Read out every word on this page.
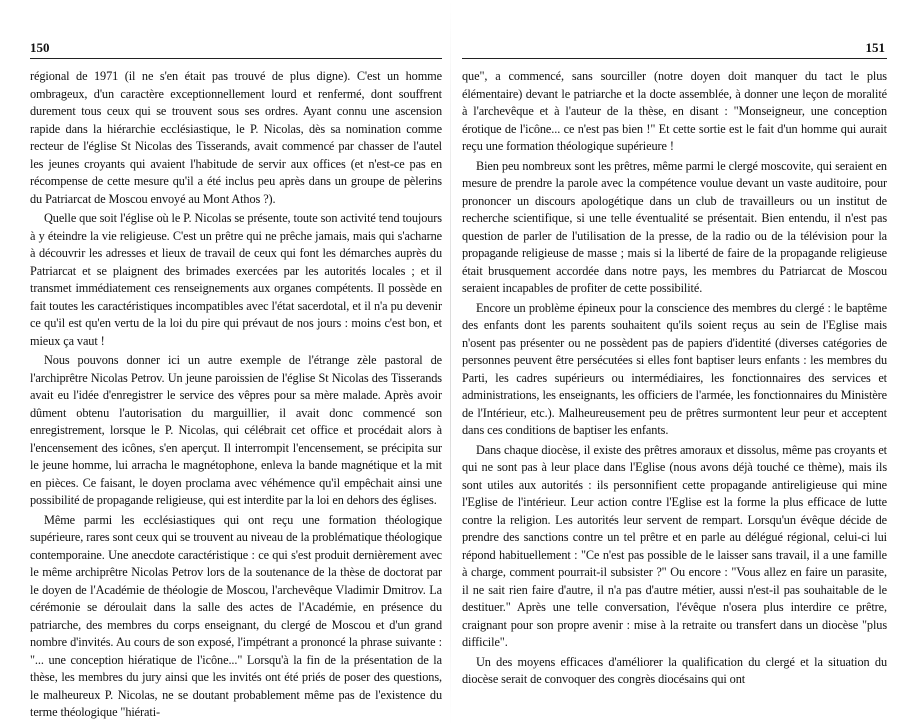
150

régional de 1971 (il ne s'en était pas trouvé de plus digne). C'est un homme ombrageux, d'un caractère exceptionnellement lourd et renfermé, dont souffrent durement tous ceux qui se trouvent sous ses ordres. Ayant connu une ascension rapide dans la hiérarchie ecclésiastique, le P. Nicolas, dès sa nomination comme recteur de l'église St Nicolas des Tisserands, avait commencé par chasser de l'autel les jeunes croyants qui avaient l'habitude de servir aux offices (et n'est-ce pas en récompense de cette mesure qu'il a été inclus peu après dans un groupe de pèlerins du Patriarcat de Moscou envoyé au Mont Athos ?).

Quelle que soit l'église où le P. Nicolas se présente, toute son activité tend toujours à y éteindre la vie religieuse. C'est un prêtre qui ne prêche jamais, mais qui s'acharne à découvrir les adresses et lieux de travail de ceux qui font les démarches auprès du Patriarcat et se plaignent des brimades exercées par les autorités locales ; et il transmet immédiatement ces renseignements aux organes compétents. Il possède en fait toutes les caractéristiques incompatibles avec l'état sacerdotal, et il n'a pu devenir ce qu'il est qu'en vertu de la loi du pire qui prévaut de nos jours : moins c'est bon, et mieux ça vaut !

Nous pouvons donner ici un autre exemple de l'étrange zèle pastoral de l'archiprêtre Nicolas Petrov. Un jeune paroissien de l'église St Nicolas des Tisserands avait eu l'idée d'enregistrer le service des vêpres pour sa mère malade. Après avoir dûment obtenu l'autorisation du marguillier, il avait donc commencé son enregistrement, lorsque le P. Nicolas, qui célébrait cet office et procédait alors à l'encensement des icônes, s'en aperçut. Il interrompit l'encensement, se précipita sur le jeune homme, lui arracha le magnétophone, enleva la bande magnétique et la mit en pièces. Ce faisant, le doyen proclama avec véhémence qu'il empêchait ainsi une possibilité de propagande religieuse, qui est interdite par la loi en dehors des églises.

Même parmi les ecclésiastiques qui ont reçu une formation théologique supérieure, rares sont ceux qui se trouvent au niveau de la problématique théologique contemporaine. Une anecdote caractéristique : ce qui s'est produit dernièrement avec le même archiprêtre Nicolas Petrov lors de la soutenance de la thèse de doctorat par le doyen de l'Académie de théologie de Moscou, l'archevêque Vladimir Dmitrov. La cérémonie se déroulait dans la salle des actes de l'Académie, en présence du patriarche, des membres du corps enseignant, du clergé de Moscou et d'un grand nombre d'invités. Au cours de son exposé, l'impétrant a prononcé la phrase suivante : "... une conception hiératique de l'icône..." Lorsqu'à la fin de la présentation de la thèse, les membres du jury ainsi que les invités ont été priés de poser des questions, le malheureux P. Nicolas, ne se doutant probablement même pas de l'existence du terme théologique "hiérati-

151

que", a commencé, sans sourciller (notre doyen doit manquer du tact le plus élémentaire) devant le patriarche et la docte assemblée, à donner une leçon de moralité à l'archevêque et à l'auteur de la thèse, en disant : "Monseigneur, une conception érotique de l'icône... ce n'est pas bien !" Et cette sortie est le fait d'un homme qui aurait reçu une formation théologique supérieure !

Bien peu nombreux sont les prêtres, même parmi le clergé moscovite, qui seraient en mesure de prendre la parole avec la compétence voulue devant un vaste auditoire, pour prononcer un discours apologétique dans un club de travailleurs ou un institut de recherche scientifique, si une telle éventualité se présentait. Bien entendu, il n'est pas question de parler de l'utilisation de la presse, de la radio ou de la télévision pour la propagande religieuse de masse ; mais si la liberté de faire de la propagande religieuse était brusquement accordée dans notre pays, les membres du Patriarcat de Moscou seraient incapables de profiter de cette possibilité.

Encore un problème épineux pour la conscience des membres du clergé : le baptême des enfants dont les parents souhaitent qu'ils soient reçus au sein de l'Eglise mais n'osent pas présenter ou ne possèdent pas de papiers d'identité (diverses catégories de personnes peuvent être persécutées si elles font baptiser leurs enfants : les membres du Parti, les cadres supérieurs ou intermédiaires, les fonctionnaires des services et administrations, les enseignants, les officiers de l'armée, les fonctionnaires du Ministère de l'Intérieur, etc.). Malheureusement peu de prêtres surmontent leur peur et acceptent dans ces conditions de baptiser les enfants.

Dans chaque diocèse, il existe des prêtres amoraux et dissolus, même pas croyants et qui ne sont pas à leur place dans l'Eglise (nous avons déjà touché ce thème), mais ils sont utiles aux autorités : ils personnifient cette propagande antireligieuse qui mine l'Eglise de l'intérieur. Leur action contre l'Eglise est la forme la plus efficace de lutte contre la religion. Les autorités leur servent de rempart. Lorsqu'un évêque décide de prendre des sanctions contre un tel prêtre et en parle au délégué régional, celui-ci lui répond habituellement : "Ce n'est pas possible de le laisser sans travail, il a une famille à charge, comment pourrait-il subsister ?" Ou encore : "Vous allez en faire un parasite, il ne sait rien faire d'autre, il n'a pas d'autre métier, aussi n'est-il pas souhaitable de le destituer." Après une telle conversation, l'évêque n'osera plus interdire ce prêtre, craignant pour son propre avenir : mise à la retraite ou transfert dans un diocèse "plus difficile".

Un des moyens efficaces d'améliorer la qualification du clergé et la situation du diocèse serait de convoquer des congrès diocésains qui ont
